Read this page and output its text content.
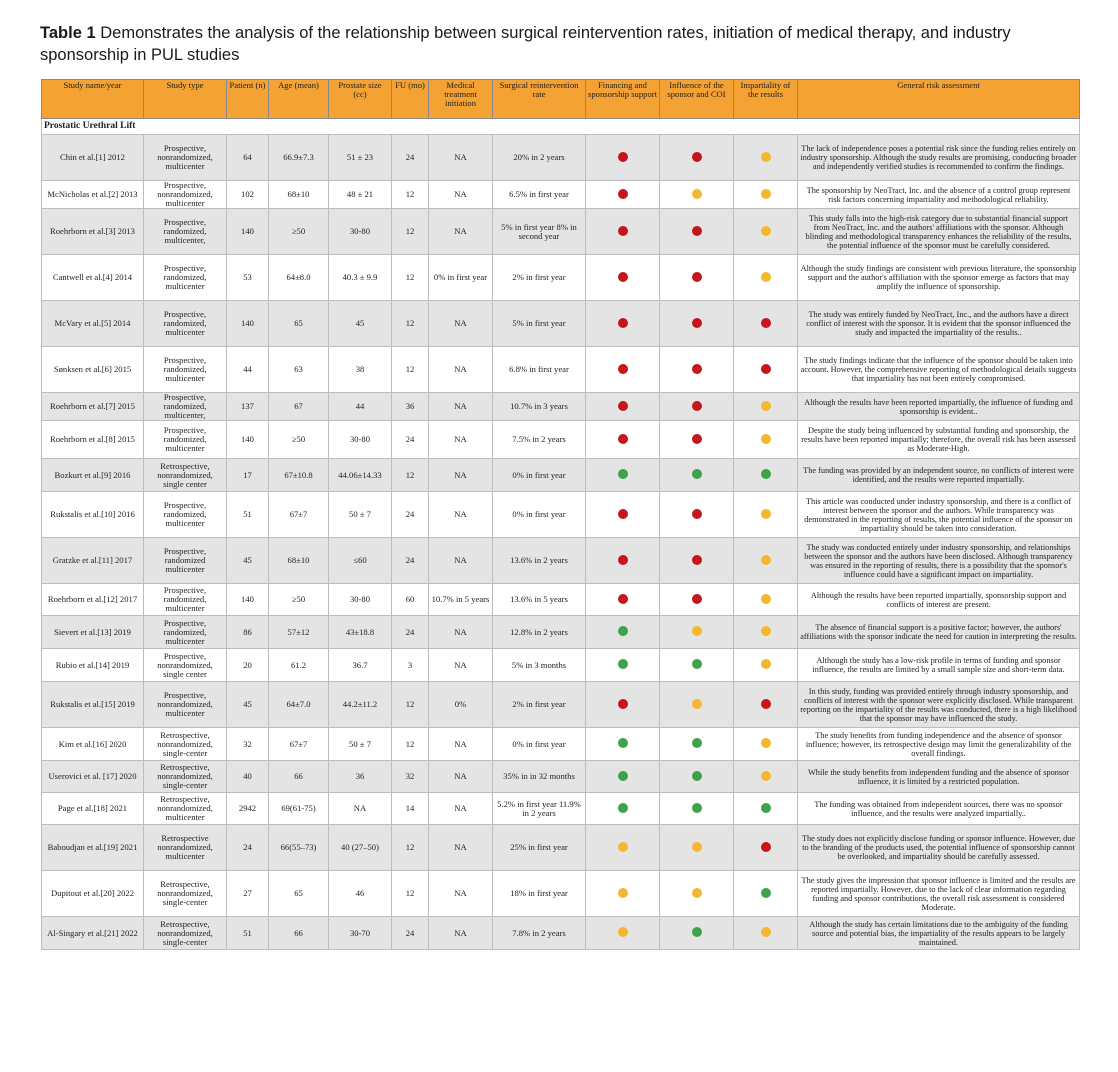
Table 1 Demonstrates the analysis of the relationship between surgical reintervention rates, initiation of medical therapy, and industry sponsorship in PUL studies
Study name/year	Study type	Patient (n)	Age (mean)	Prostate size (cc)	FU (mo)	Medical treatment initiation	Surgical reintervention rate	Financing and sponsorship support	Influence of the sponsor and COI	Impartiality of the results	General risk assessment
Prostatic Urethral Lift											
Chin et al.[1] 2012	Prospective, nonrandomized, multicenter	64	66.9±7.3	51 ± 23	24	NA	20% in 2 years				The lack of independence poses a potential risk since the funding relies entirely on industry sponsorship. Although the study results are promising, conducting broader and independently verified studies is recommended to confirm the findings.
McNicholas et al.[2] 2013	Prospective, nonrandomized, multicenter	102	68±10	48 ± 21	12	NA	6.5% in first year				The sponsorship by NeoTract, Inc. and the absence of a control group represent risk factors concerning impartiality and methodological reliability.
Roehrborn et al.[3] 2013	Prospective, randomized, multicenter,	140	≥50	30-80	12	NA	5% in first year 8% in second year				This study falls into the high-risk category due to substantial financial support from NeoTract, Inc. and the authors' affiliations with the sponsor. Although blinding and methodological transparency enhances the reliability of the results, the potential influence of the sponsor must be carefully considered.
Cantwell et al.[4] 2014	Prospective, randomized, multicenter	53	64±8.0	40.3 ± 9.9	12	0% in first year	2% in first year				Although the study findings are consistent with previous literature, the sponsorship support and the author's affiliation with the sponsor emerge as factors that may amplify the influence of sponsorship.
McVary et al.[5] 2014	Prospective, randomized, multicenter	140	65	45	12	NA	5% in first year				The study was entirely funded by NeoTract, Inc., and the authors have a direct conflict of interest with the sponsor. It is evident that the sponsor influenced the study and impacted the impartiality of the results..
Sønksen et al.[6] 2015	Prospective, randomized, multicenter	44	63	38	12	NA	6.8% in first year				The study findings indicate that the influence of the sponsor should be taken into account. However, the comprehensive reporting of methodological details suggests that impartiality has not been entirely compromised.
Roehrborn et al.[7] 2015	Prospective, randomized, multicenter,	137	67	44	36	NA	10.7% in 3 years				Although the results have been reported impartially, the influence of funding and sponsorship is evident..
Roehrborn et al.[8] 2015	Prospective, randomized, multicenter	140	≥50	30-80	24	NA	7.5% in 2 years				Despite the study being influenced by substantial funding and sponsorship, the results have been reported impartially; therefore, the overall risk has been assessed as Moderate-High.
Bozkurt et al.[9] 2016	Retrospective, nonrandomized, single center	17	67±10.8	44.06±14.33	12	NA	0% in first year				The funding was provided by an independent source, no conflicts of interest were identified, and the results were reported impartially.
Rukstalis et al.[10] 2016	Prospective, randomized, multicenter	51	67±7	50 ± 7	24	NA	0% in first year				This article was conducted under industry sponsorship, and there is a conflict of interest between the sponsor and the authors. While transparency was demonstrated in the reporting of results, the potential influence of the sponsor on impartiality should be taken into consideration.
Gratzke et al.[11] 2017	Prospective, randomized multicenter	45	68±10	≤60	24	NA	13.6% in 2 years				The study was conducted entirely under industry sponsorship, and relationships between the sponsor and the authors have been disclosed. Although transparency was ensured in the reporting of results, there is a possibility that the sponsor's influence could have a significant impact on impartiality.
Roehrborn et al.[12] 2017	Prospective, randomized, multicenter	140	≥50	30-80	60	10.7% in 5 years	13.6% in 5 years				Although the results have been reported impartially, sponsorship support and conflicts of interest are present.
Sievert et al.[13] 2019	Prospective, randomized, multicenter	86	57±12	43±18.8	24	NA	12.8% in 2 years				The absence of financial support is a positive factor; however, the authors' affiliations with the sponsor indicate the need for caution in interpreting the results.
Rubio et al.[14] 2019	Prospective, nonrandomized, single center	20	61.2	36.7	3	NA	5% in 3 months				Although the study has a low-risk profile in terms of funding and sponsor influence, the results are limited by a small sample size and short-term data.
Rukstalis et al.[15] 2019	Prospective, nonrandomized, multicenter	45	64±7.0	44.2±11.2	12	0%	2% in first year				In this study, funding was provided entirely through industry sponsorship, and conflicts of interest with the sponsor were explicitly disclosed. While transparent reporting on the impartiality of the results was conducted, there is a high likelihood that the sponsor may have influenced the study.
Kim et al.[16] 2020	Retrospective, nonrandomized, single-center	32	67±7	50 ± 7	12	NA	0% in first year				The study benefits from funding independence and the absence of sponsor influence; however, its retrospective design may limit the generalizability of the overall findings.
Userovici et al. [17] 2020	Retrospective, nonrandomized, single-center	40	66	36	32	NA	35% in in 32 months				While the study benefits from independent funding and the absence of sponsor influence, it is limited by a restricted population.
Page et al.[18] 2021	Retrospective, nonrandomized, multicenter	2942	69(61-75)	NA	14	NA	5.2% in first year 11.9% in 2 years				The funding was obtained from independent sources, there was no sponsor influence, and the results were analyzed impartially..
Baboudjan et al.[19] 2021	Retrospective nonrandomized, multicenter	24	66(55–73)	40 (27–50)	12	NA	25% in first year				The study does not explicitly disclose funding or sponsor influence. However, due to the branding of the products used, the potential influence of sponsorship cannot be overlooked, and impartiality should be carefully assessed.
Dupitout et al.[20] 2022	Retrospective, nonrandomized, single-center	27	65	46	12	NA	18% in first year				The study gives the impression that sponsor influence is limited and the results are reported impartially. However, due to the lack of clear information regarding funding and sponsor contributions, the overall risk assessment is considered Moderate.
Al-Singary et al.[21] 2022	Retrospective, nonrandomized, single-center	51	66	30-70	24	NA	7.8% in 2 years				Although the study has certain limitations due to the ambiguity of the funding source and potential bias, the impartiality of the results appears to be largely maintained.
